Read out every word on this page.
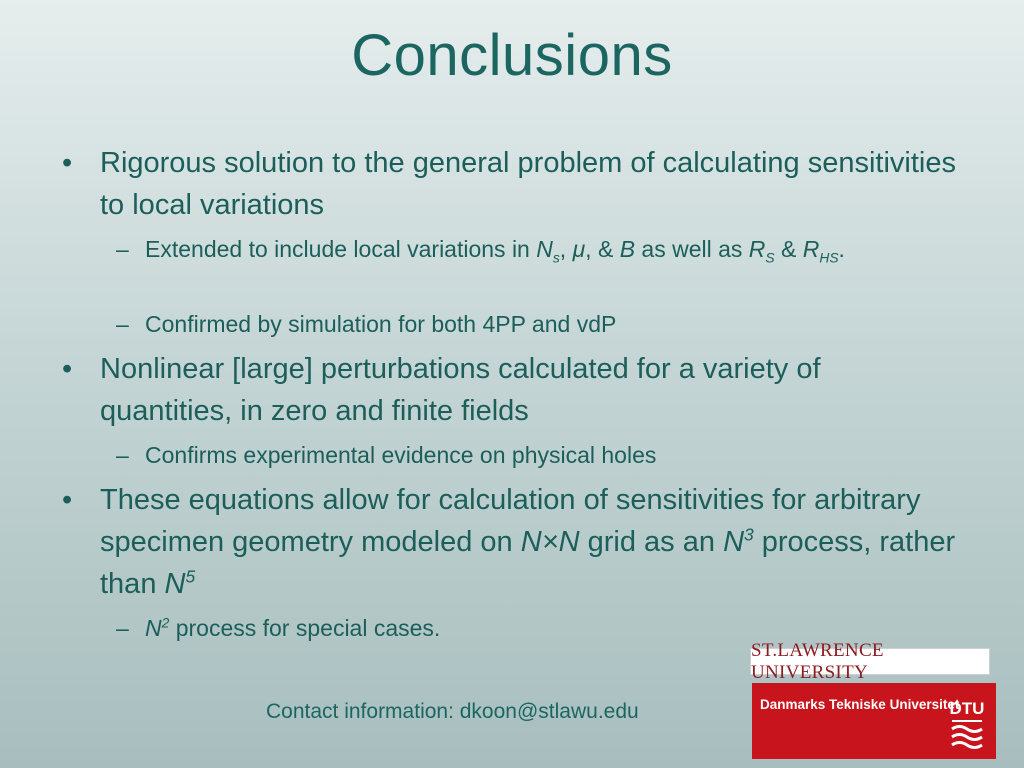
Conclusions
• Rigorous solution to the general problem of calculating sensitivities to local variations
– Extended to include local variations in $N_s$, μ, & B as well as $R_S$ & $R_{HS}$.
– Confirmed by simulation for both 4PP and vdP
• Nonlinear [large] perturbations calculated for a variety of quantities, in zero and finite fields
– Confirms experimental evidence on physical holes
• These equations allow for calculation of sensitivities for arbitrary specimen geometry modeled on N×N grid as an $N^3$ process, rather than $N^5$
– $N^2$ process for special cases.
Contact information: dkoon@stlawu.edu
ST.LAWRENCE UNIVERSITY
Danmarks Tekniske Universitet
DTU
